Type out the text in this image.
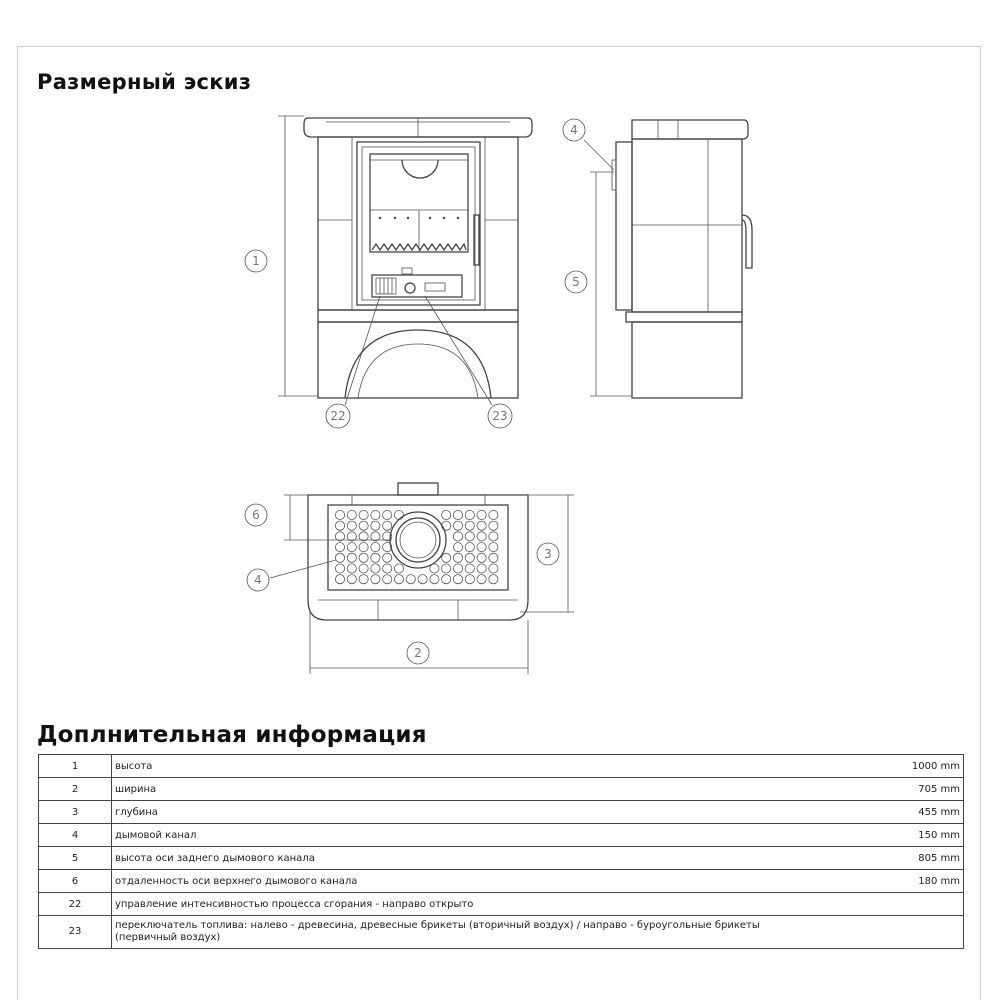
Размерный эскиз
1
5
4
22	23
6
4
3
2
Доплнительная информация
1	высота	1000 mm
2	ширина	705 mm
3	глубина	455 mm
4	дымовой канал	150 mm
5	высота оси заднего дымового канала	805 mm
6	отдаленность оси верхнего дымового канала	180 mm
22	управление интенсивностью процесса сгорания - направо открыто	
23	переключатель топлива: налево - древесина, древесные брикеты (вторичный воздух) / направо - буроугольные брикеты (первичный воздух)	
